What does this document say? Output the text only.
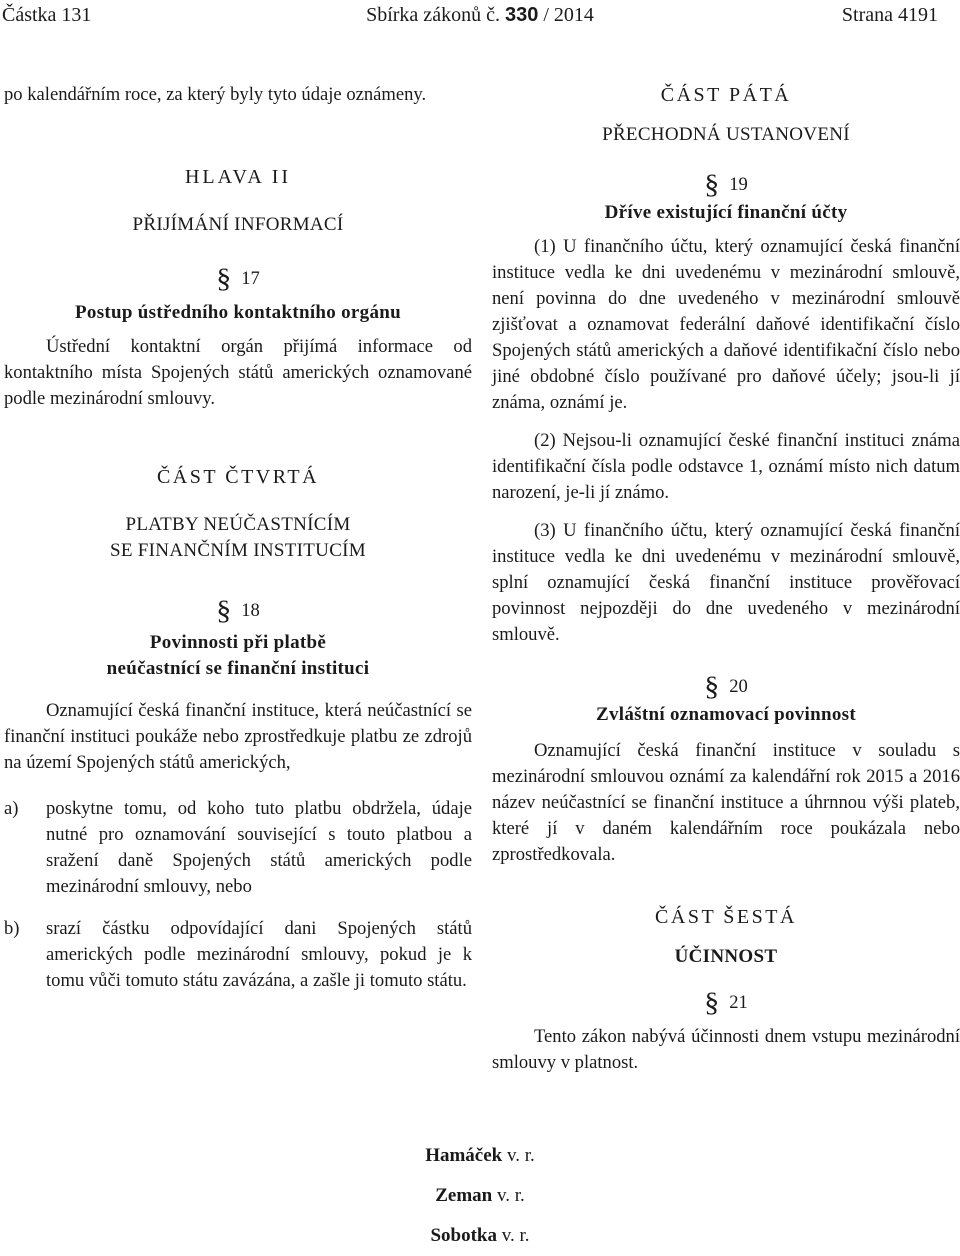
Částka 131	Sbírka zákonů č. 330 / 2014	Strana 4191

po kalendářním roce, za který byly tyto údaje oznámeny.

HLAVA II

PŘIJÍMÁNÍ INFORMACÍ

§ 17

Postup ústředního kontaktního orgánu

Ústřední kontaktní orgán přijímá informace od kontaktního místa Spojených států amerických oznamované podle mezinárodní smlouvy.

ČÁST ČTVRTÁ

PLATBY NEÚČASTNÍCÍM

SE FINANČNÍM INSTITUCÍM

§ 18

Povinnosti při platbě

neúčastnící se finanční instituci

Oznamující česká finanční instituce, která neúčastnící se finanční instituci poukáže nebo zprostředkuje platbu ze zdrojů na území Spojených států amerických,

a) poskytne tomu, od koho tuto platbu obdržela, údaje nutné pro oznamování související s touto platbou a sražení daně Spojených států amerických podle mezinárodní smlouvy, nebo
b) srazí částku odpovídající dani Spojených států amerických podle mezinárodní smlouvy, pokud je k tomu vůči tomuto státu zavázána, a zašle ji tomuto státu.

ČÁST PÁTÁ

PŘECHODNÁ USTANOVENÍ

§ 19

Dříve existující finanční účty

(1) U finančního účtu, který oznamující česká finanční instituce vedla ke dni uvedenému v mezinárodní smlouvě, není povinna do dne uvedeného v mezinárodní smlouvě zjišťovat a oznamovat federální daňové identifikační číslo Spojených států amerických a daňové identifikační číslo nebo jiné obdobné číslo používané pro daňové účely; jsou-li jí známa, oznámí je.

(2) Nejsou-li oznamující české finanční instituci známa identifikační čísla podle odstavce 1, oznámí místo nich datum narození, je-li jí známo.

(3) U finančního účtu, který oznamující česká finanční instituce vedla ke dni uvedenému v mezinárodní smlouvě, splní oznamující česká finanční instituce prověřovací povinnost nejpozději do dne uvedeného v mezinárodní smlouvě.

§ 20

Zvláštní oznamovací povinnost

Oznamující česká finanční instituce v souladu s mezinárodní smlouvou oznámí za kalendářní rok 2015 a 2016 název neúčastnící se finanční instituce a úhrnnou výši plateb, které jí v daném kalendářním roce poukázala nebo zprostředkovala.

ČÁST ŠESTÁ

ÚČINNOST

§ 21

Tento zákon nabývá účinnosti dnem vstupu mezinárodní smlouvy v platnost.

Hamáček v. r.
Zeman v. r.
Sobotka v. r.
